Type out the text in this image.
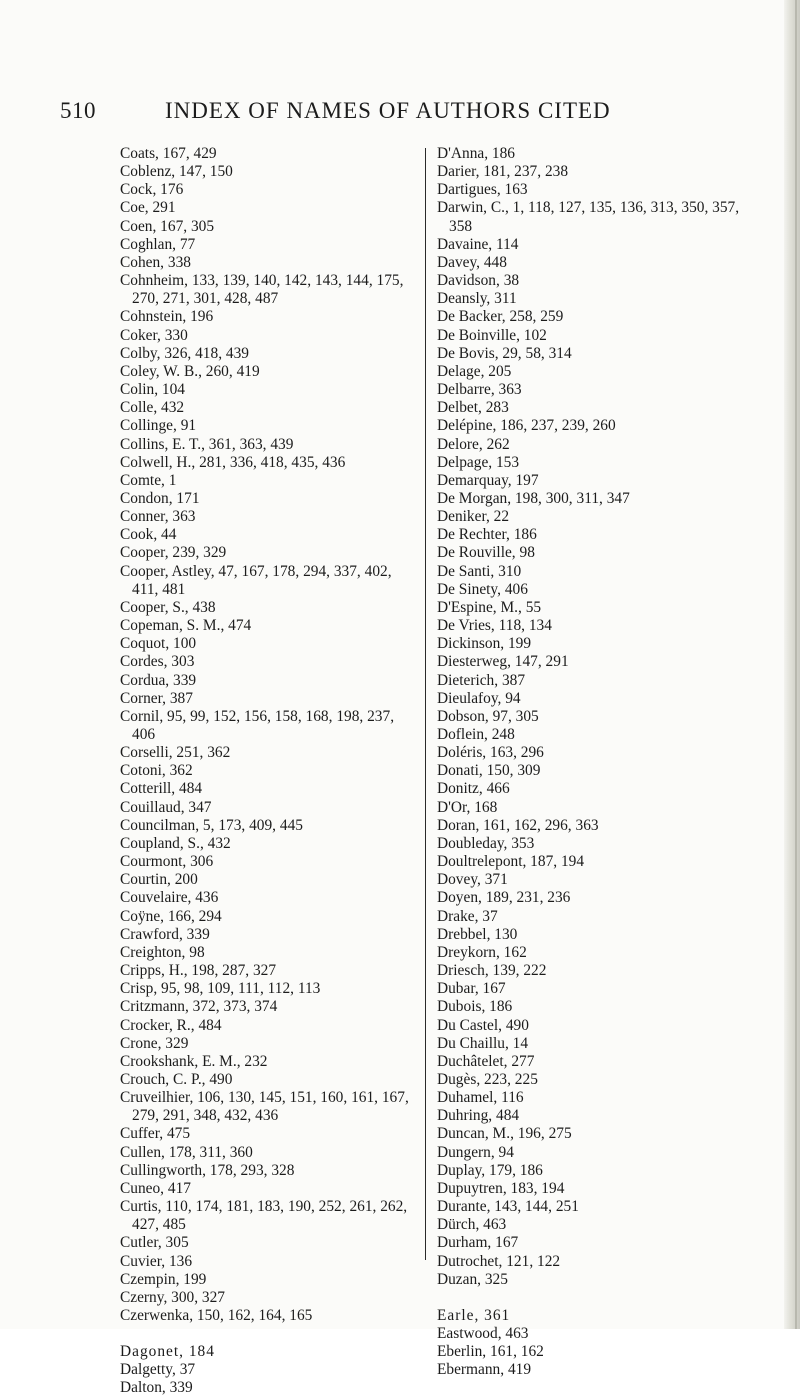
510	INDEX OF NAMES OF AUTHORS CITED
Coats, 167, 429
Coblenz, 147, 150
Cock, 176
Coe, 291
Coen, 167, 305
Coghlan, 77
Cohen, 338
Cohnheim, 133, 139, 140, 142, 143, 144, 175, 270, 271, 301, 428, 487
Cohnstein, 196
Coker, 330
Colby, 326, 418, 439
Coley, W. B., 260, 419
Colin, 104
Colle, 432
Collinge, 91
Collins, E. T., 361, 363, 439
Colwell, H., 281, 336, 418, 435, 436
Comte, 1
Condon, 171
Conner, 363
Cook, 44
Cooper, 239, 329
Cooper, Astley, 47, 167, 178, 294, 337, 402, 411, 481
Cooper, S., 438
Copeman, S. M., 474
Coquot, 100
Cordes, 303
Cordua, 339
Corner, 387
Cornil, 95, 99, 152, 156, 158, 168, 198, 237, 406
Corselli, 251, 362
Cotoni, 362
Cotterill, 484
Couillaud, 347
Councilman, 5, 173, 409, 445
Coupland, S., 432
Courmont, 306
Courtin, 200
Couvelaire, 436
Coÿne, 166, 294
Crawford, 339
Creighton, 98
Cripps, H., 198, 287, 327
Crisp, 95, 98, 109, 111, 112, 113
Critzmann, 372, 373, 374
Crocker, R., 484
Crone, 329
Crookshank, E. M., 232
Crouch, C. P., 490
Cruveilhier, 106, 130, 145, 151, 160, 161, 167, 279, 291, 348, 432, 436
Cuffer, 475
Cullen, 178, 311, 360
Cullingworth, 178, 293, 328
Cuneo, 417
Curtis, 110, 174, 181, 183, 190, 252, 261, 262, 427, 485
Cutler, 305
Cuvier, 136
Czempin, 199
Czerny, 300, 327
Czerwenka, 150, 162, 164, 165
Dagonet, 184
Dalgetty, 37
Dalton, 339
D'Anna, 186
Darier, 181, 237, 238
Dartigues, 163
Darwin, C., 1, 118, 127, 135, 136, 313, 350, 357, 358
Davaine, 114
Davey, 448
Davidson, 38
Deansly, 311
De Backer, 258, 259
De Boinville, 102
De Bovis, 29, 58, 314
Delage, 205
Delbarre, 363
Delbet, 283
Delépine, 186, 237, 239, 260
Delore, 262
Delpage, 153
Demarquay, 197
De Morgan, 198, 300, 311, 347
Deniker, 22
De Rechter, 186
De Rouville, 98
De Santi, 310
De Sinety, 406
D'Espine, M., 55
De Vries, 118, 134
Dickinson, 199
Diesterweg, 147, 291
Dieterich, 387
Dieulafoy, 94
Dobson, 97, 305
Doflein, 248
Doléris, 163, 296
Donati, 150, 309
Donitz, 466
D'Or, 168
Doran, 161, 162, 296, 363
Doubleday, 353
Doultrelepont, 187, 194
Dovey, 371
Doyen, 189, 231, 236
Drake, 37
Drebbel, 130
Dreykorn, 162
Driesch, 139, 222
Dubar, 167
Dubois, 186
Du Castel, 490
Du Chaillu, 14
Duchâtelet, 277
Dugès, 223, 225
Duhamel, 116
Duhring, 484
Duncan, M., 196, 275
Dungern, 94
Duplay, 179, 186
Dupuytren, 183, 194
Durante, 143, 144, 251
Dürch, 463
Durham, 167
Dutrochet, 121, 122
Duzan, 325
Earle, 361
Eastwood, 463
Eberlin, 161, 162
Ebermann, 419
